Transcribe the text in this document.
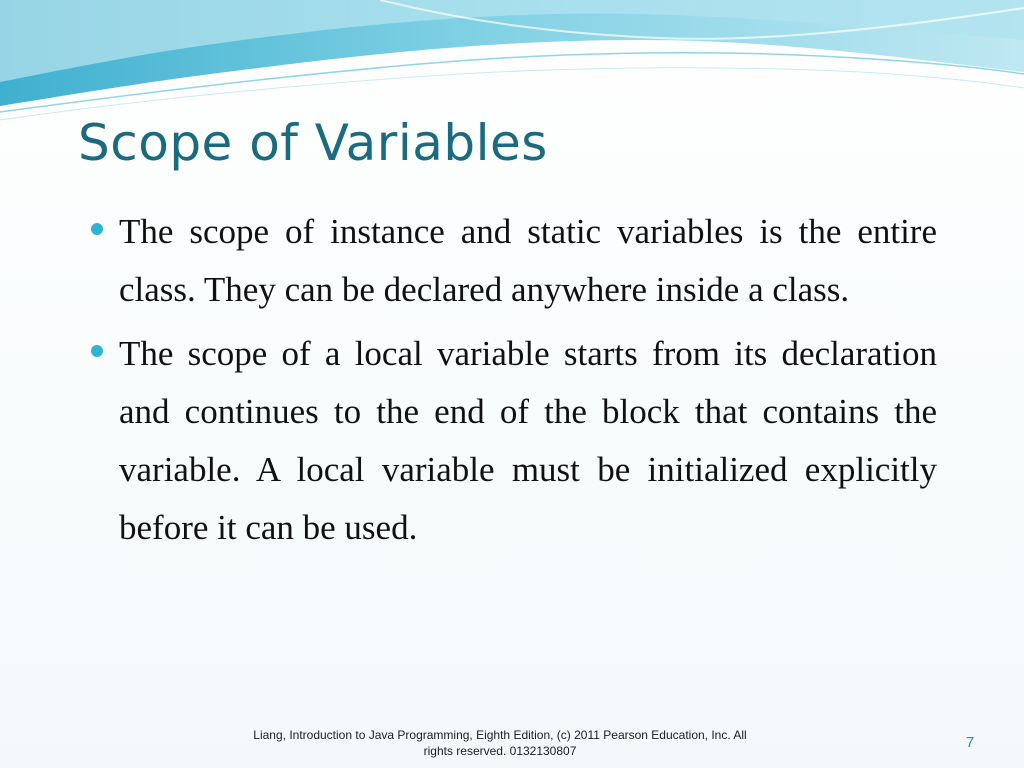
Scope of Variables
The scope of instance and static variables is the entire class. They can be declared anywhere inside a class.
The scope of a local variable starts from its declaration and continues to the end of the block that contains the variable. A local variable must be initialized explicitly before it can be used.
Liang, Introduction to Java Programming, Eighth Edition, (c) 2011 Pearson Education, Inc. All
rights reserved. 0132130807	7
